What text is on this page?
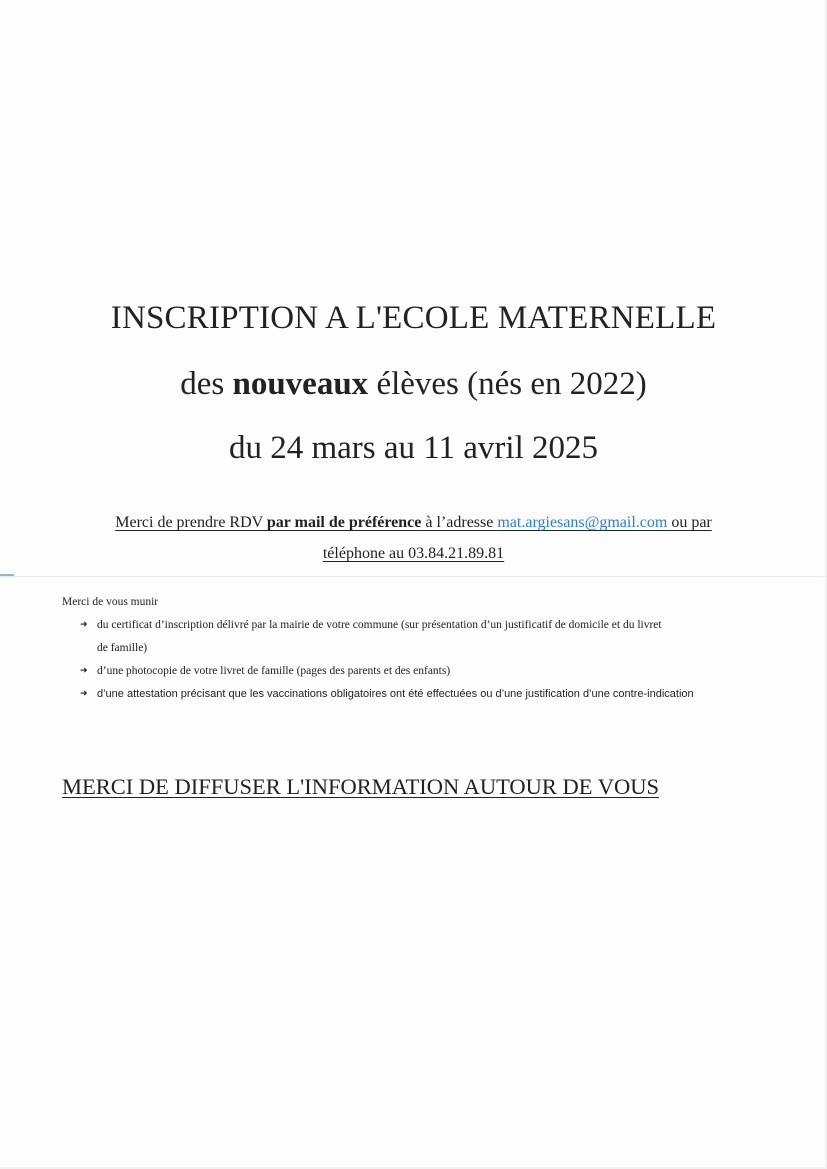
INSCRIPTION A L'ECOLE MATERNELLE
des nouveaux élèves (nés en 2022)
du 24 mars au 11 avril 2025
Merci de prendre RDV par mail de préférence à l’adresse mat.argiesans@gmail.com ou par
téléphone au 03.84.21.89.81
Merci de vous munir
➜ du certificat d’inscription délivré par la mairie de votre commune (sur présentation d’un justificatif de domicile et du livret
de famille)
➜ d’une photocopie de votre livret de famille (pages des parents et des enfants)
➜ d’une attestation précisant que les vaccinations obligatoires ont été effectuées ou d’une justification d’une contre-indication
MERCI DE DIFFUSER L'INFORMATION AUTOUR DE VOUS
